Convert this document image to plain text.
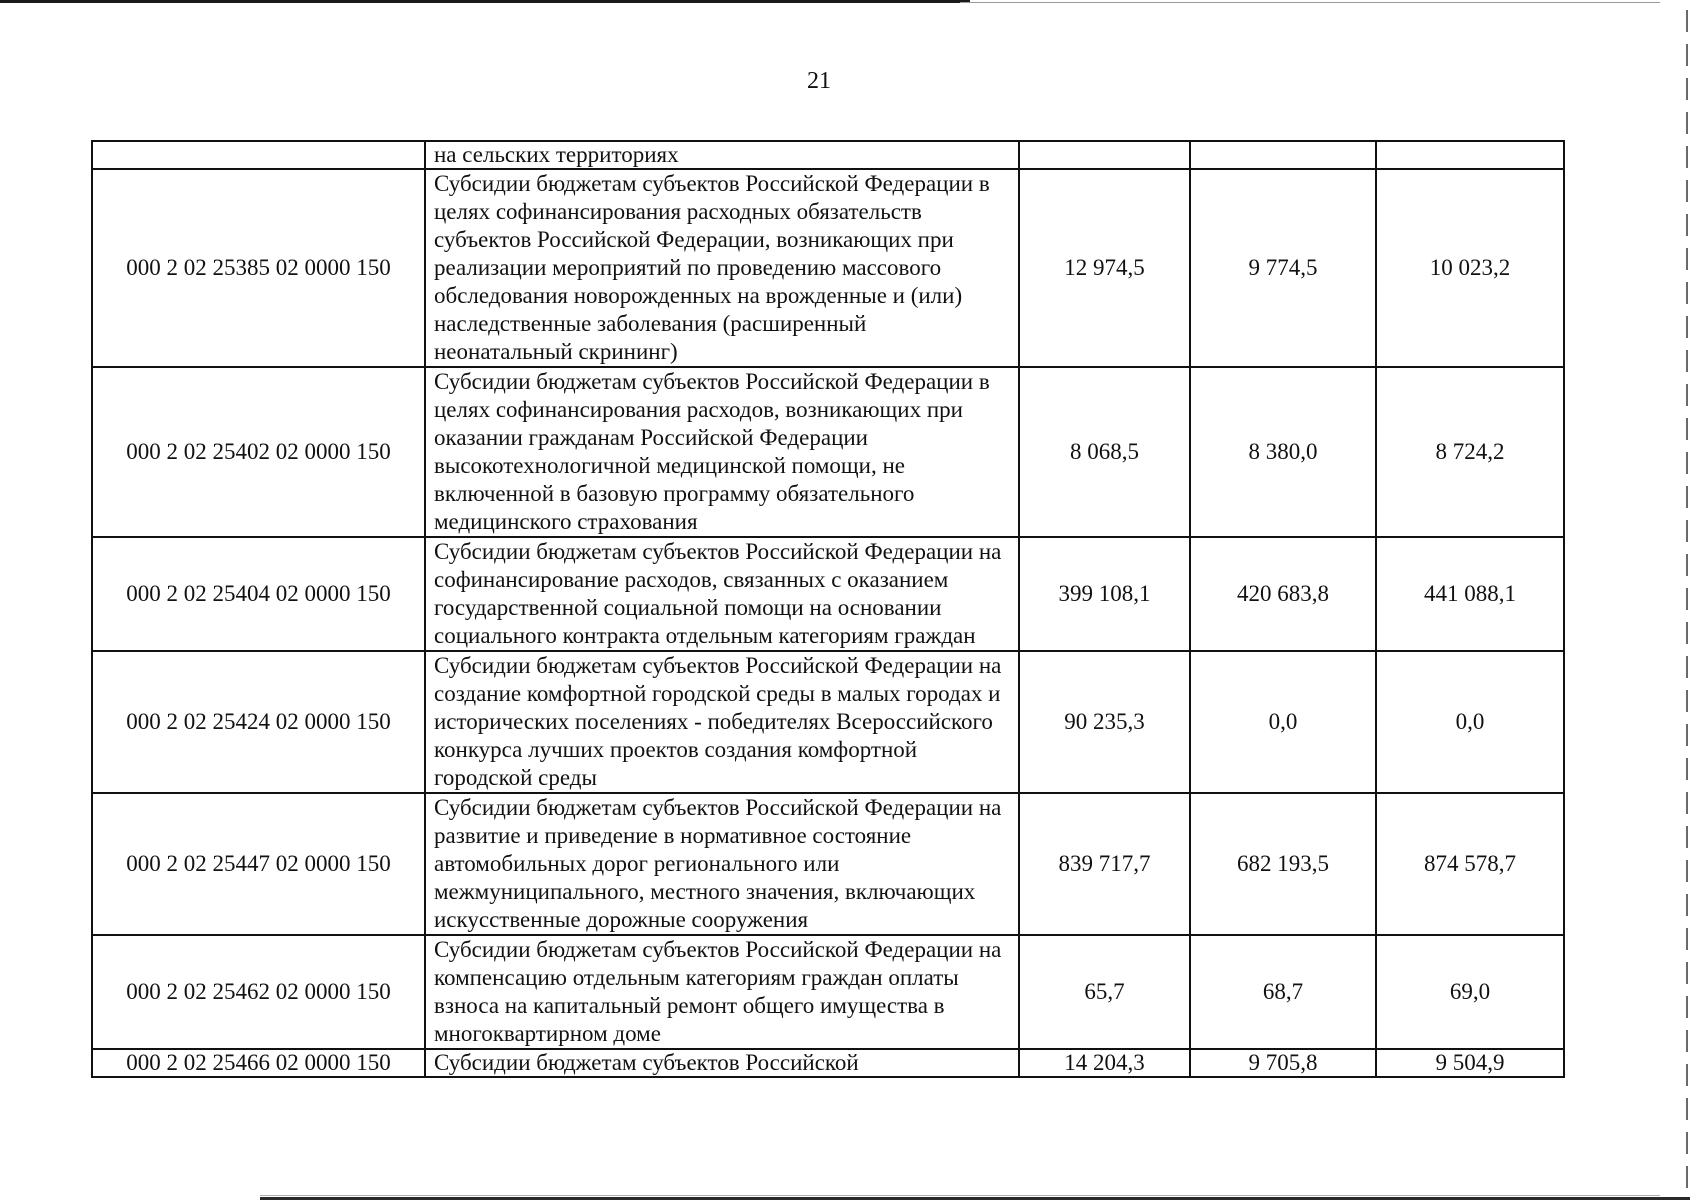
21
	на сельских территориях			
000 2 02 25385 02 0000 150	Субсидии бюджетам субъектов Российской Федерации в целях софинансирования расходных обязательств субъектов Российской Федерации, возникающих при реализации мероприятий по проведению массового обследования новорожденных на врожденные и (или) наследственные заболевания (расширенный неонатальный скрининг)	12 974,5	9 774,5	10 023,2
000 2 02 25402 02 0000 150	Субсидии бюджетам субъектов Российской Федерации в целях софинансирования расходов, возникающих при оказании гражданам Российской Федерации высокотехнологичной медицинской помощи, не включенной в базовую программу обязательного медицинского страхования	8 068,5	8 380,0	8 724,2
000 2 02 25404 02 0000 150	Субсидии бюджетам субъектов Российской Федерации на софинансирование расходов, связанных с оказанием государственной социальной помощи на основании социального контракта отдельным категориям граждан	399 108,1	420 683,8	441 088,1
000 2 02 25424 02 0000 150	Субсидии бюджетам субъектов Российской Федерации на создание комфортной городской среды в малых городах и исторических поселениях - победителях Всероссийского конкурса лучших проектов создания комфортной городской среды	90 235,3	0,0	0,0
000 2 02 25447 02 0000 150	Субсидии бюджетам субъектов Российской Федерации на развитие и приведение в нормативное состояние автомобильных дорог регионального или межмуниципального, местного значения, включающих искусственные дорожные сооружения	839 717,7	682 193,5	874 578,7
000 2 02 25462 02 0000 150	Субсидии бюджетам субъектов Российской Федерации на компенсацию отдельным категориям граждан оплаты взноса на капитальный ремонт общего имущества в многоквартирном доме	65,7	68,7	69,0
000 2 02 25466 02 0000 150	Субсидии бюджетам субъектов Российской	14 204,3	9 705,8	9 504,9
